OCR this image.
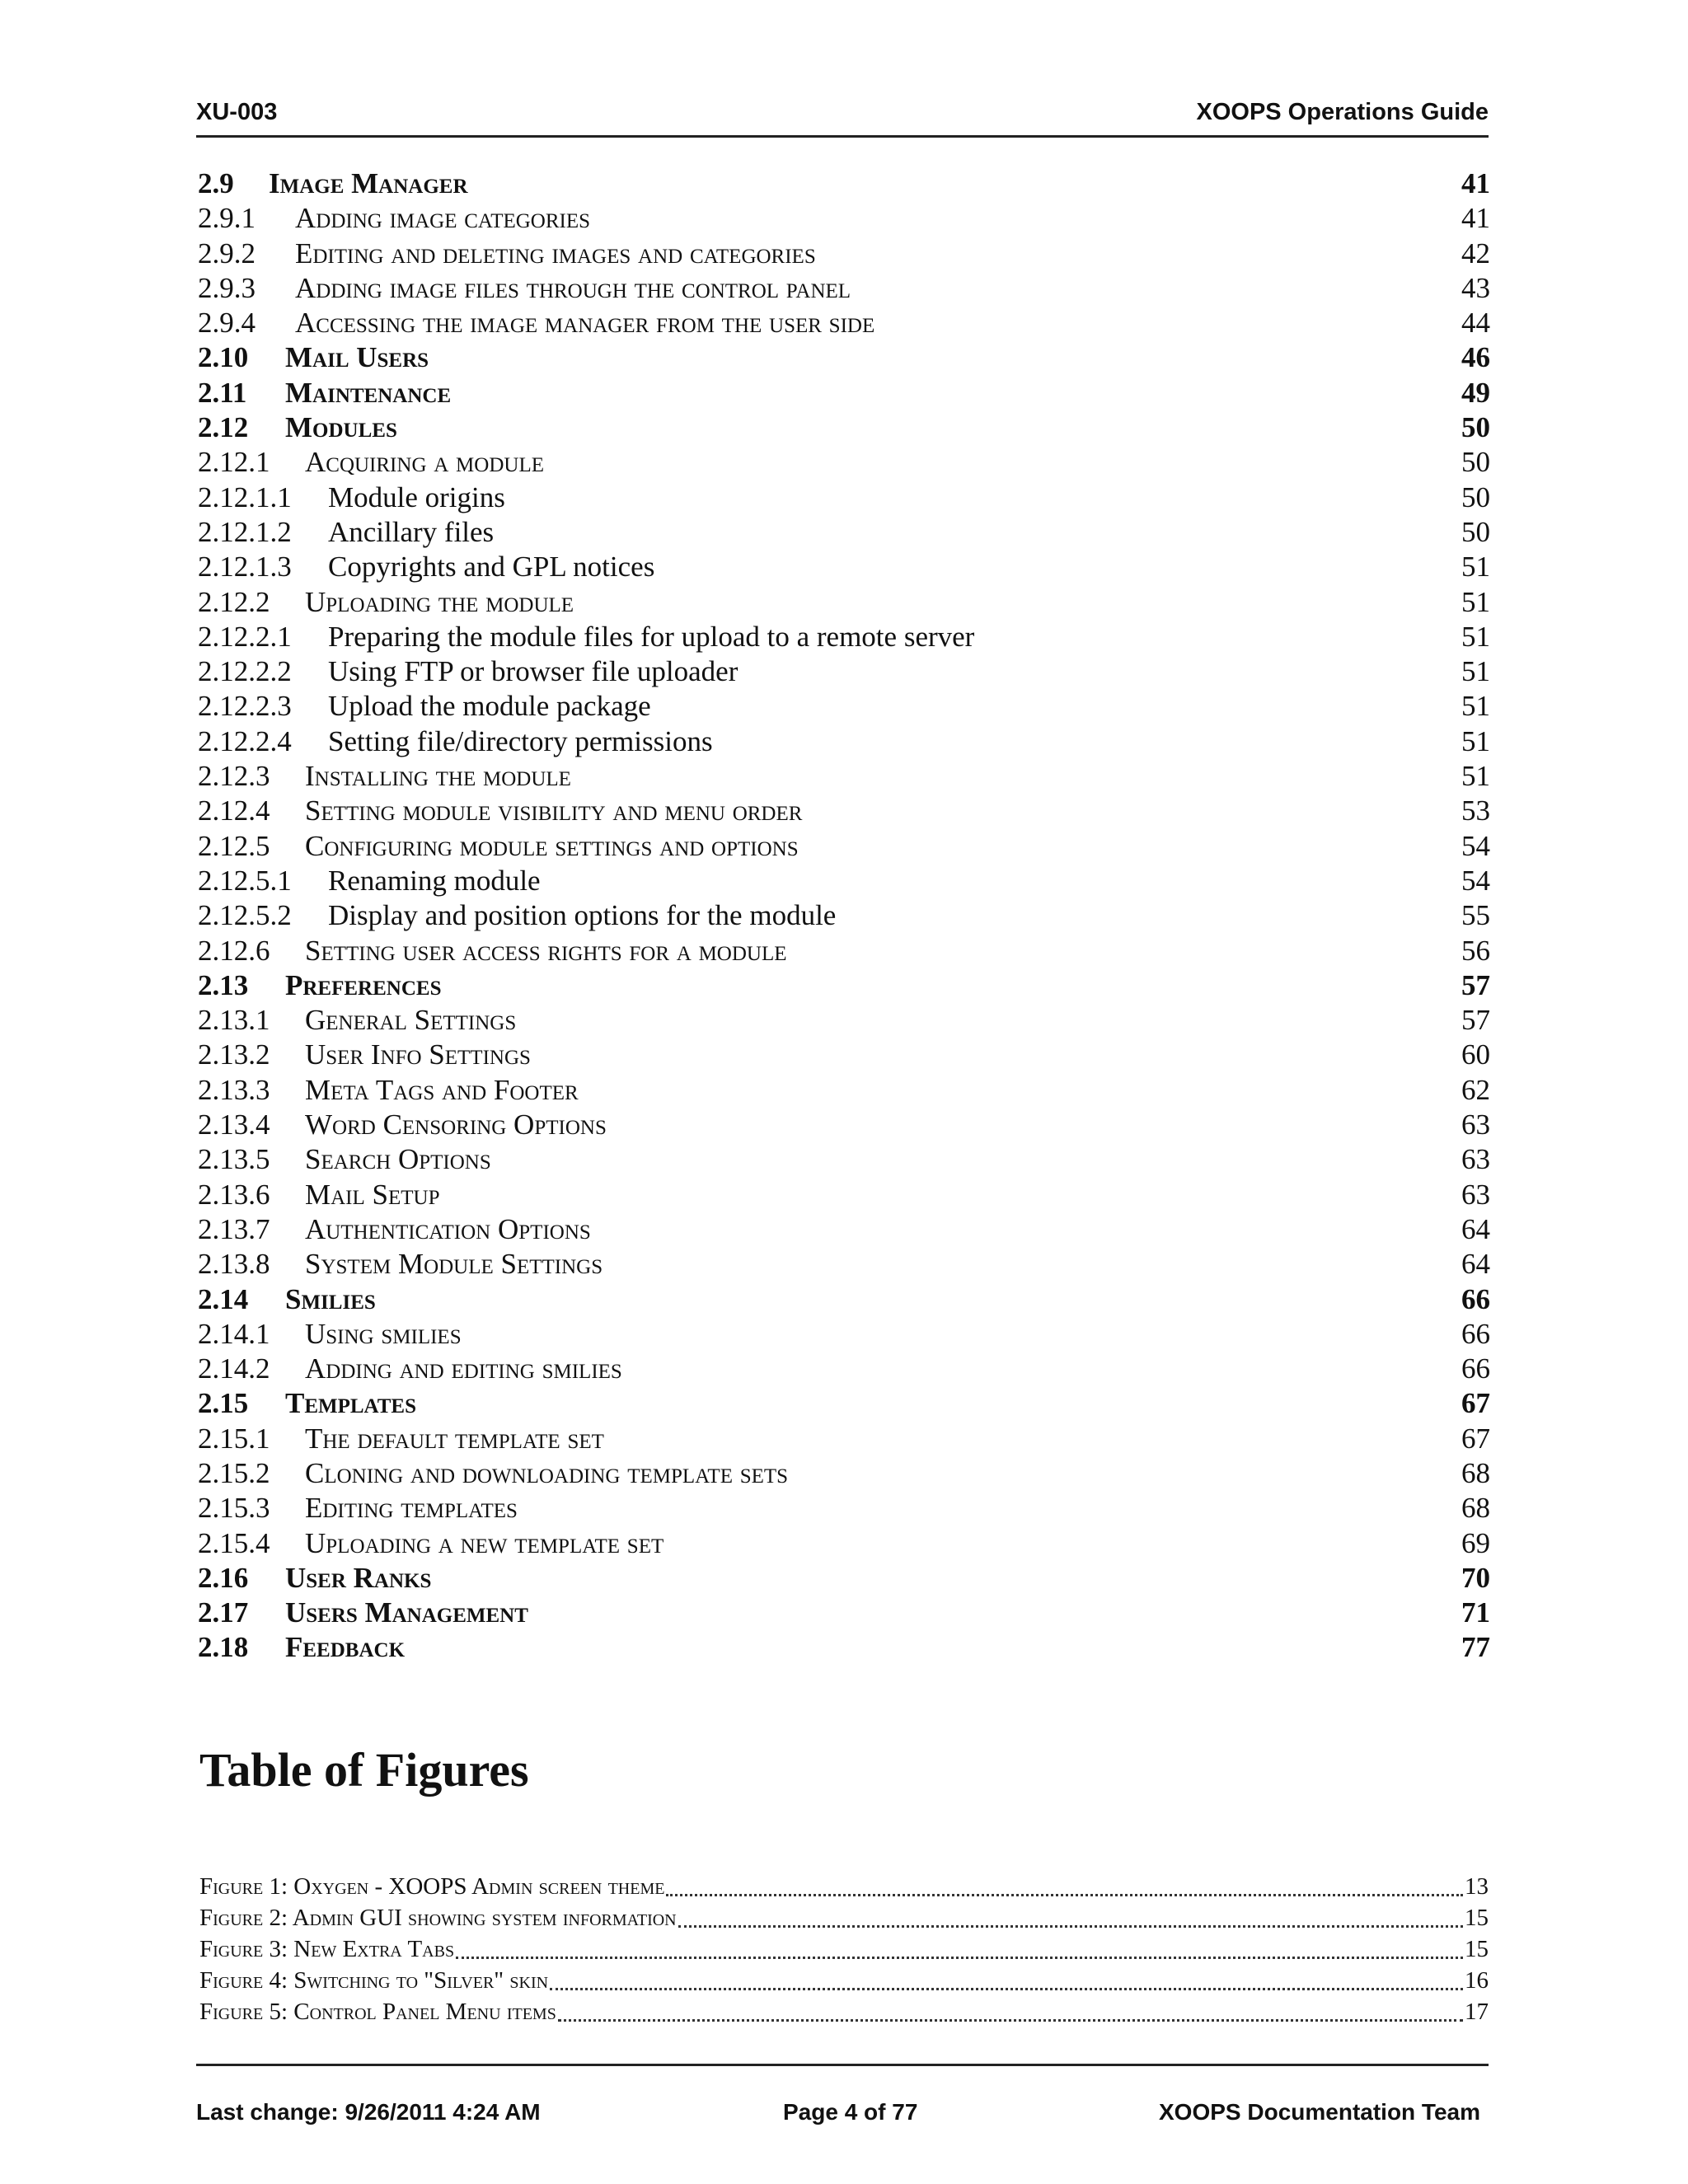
XU-003	XOOPS Operations Guide
2.9 Image Manager	41
2.9.1 Adding image categories	41
2.9.2 Editing and deleting images and categories	42
2.9.3 Adding image files through the control panel	43
2.9.4 Accessing the image manager from the user side	44
2.10 Mail Users	46
2.11 Maintenance	49
2.12 Modules	50
2.12.1 Acquiring a module	50
2.12.1.1 Module origins	50
2.12.1.2 Ancillary files	50
2.12.1.3 Copyrights and GPL notices	51
2.12.2 Uploading the module	51
2.12.2.1 Preparing the module files for upload to a remote server	51
2.12.2.2 Using FTP or browser file uploader	51
2.12.2.3 Upload the module package	51
2.12.2.4 Setting file/directory permissions	51
2.12.3 Installing the module	51
2.12.4 Setting module visibility and menu order	53
2.12.5 Configuring module settings and options	54
2.12.5.1 Renaming module	54
2.12.5.2 Display and position options for the module	55
2.12.6 Setting user access rights for a module	56
2.13 Preferences	57
2.13.1 General Settings	57
2.13.2 User Info Settings	60
2.13.3 Meta Tags and Footer	62
2.13.4 Word Censoring Options	63
2.13.5 Search Options	63
2.13.6 Mail Setup	63
2.13.7 Authentication Options	64
2.13.8 System Module Settings	64
2.14 Smilies	66
2.14.1 Using smilies	66
2.14.2 Adding and editing smilies	66
2.15 Templates	67
2.15.1 The default template set	67
2.15.2 Cloning and downloading template sets	68
2.15.3 Editing templates	68
2.15.4 Uploading a new template set	69
2.16 User Ranks	70
2.17 Users Management	71
2.18 Feedback	77
Table of Figures
Figure 1: Oxygen - XOOPS Admin screen theme	13
Figure 2: Admin GUI showing system information	15
Figure 3: New Extra Tabs	15
Figure 4: Switching to "Silver" skin	16
Figure 5: Control Panel Menu items	17
Last change: 9/26/2011 4:24 AM	Page 4 of 77	XOOPS Documentation Team
